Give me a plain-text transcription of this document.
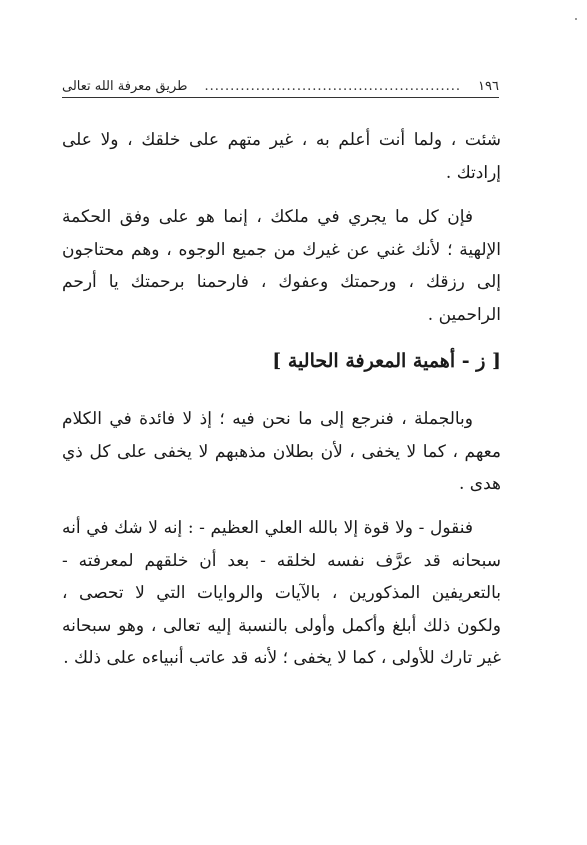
١٩٦
..................................................
طريق معرفة الله تعالى

شئت ، ولما أنت أعلم به ، غير متهم على خلقك ، ولا على إرادتك .

فإن كل ما يجري في ملكك ، إنما هو على وفق الحكمة الإلهية ؛ لأنك غني عن غيرك من جميع الوجوه ، وهم محتاجون إلى رزقك ، ورحمتك وعفوك ، فارحمنا برحمتك يا أرحم الراحمين .

[ ز - أهمية المعرفة الحالية ]

وبالجملة ، فنرجع إلى ما نحن فيه ؛ إذ لا فائدة في الكلام معهم ، كما لا يخفى ، لأن بطلان مذهبهم لا يخفى على كل ذي هدى .

فنقول - ولا قوة إلا بالله العلي العظيم - : إنه لا شك في أنه سبحانه قد عرَّف نفسه لخلقه - بعد أن خلقهم لمعرفته - بالتعريفين المذكورين ، بالآيات والروايات التي لا تحصى ، ولكون ذلك أبلغ وأكمل وأولى بالنسبة إليه تعالى ، وهو سبحانه غير تارك للأولى ، كما لا يخفى ؛ لأنه قد عاتب أنبياءه على ذلك .
